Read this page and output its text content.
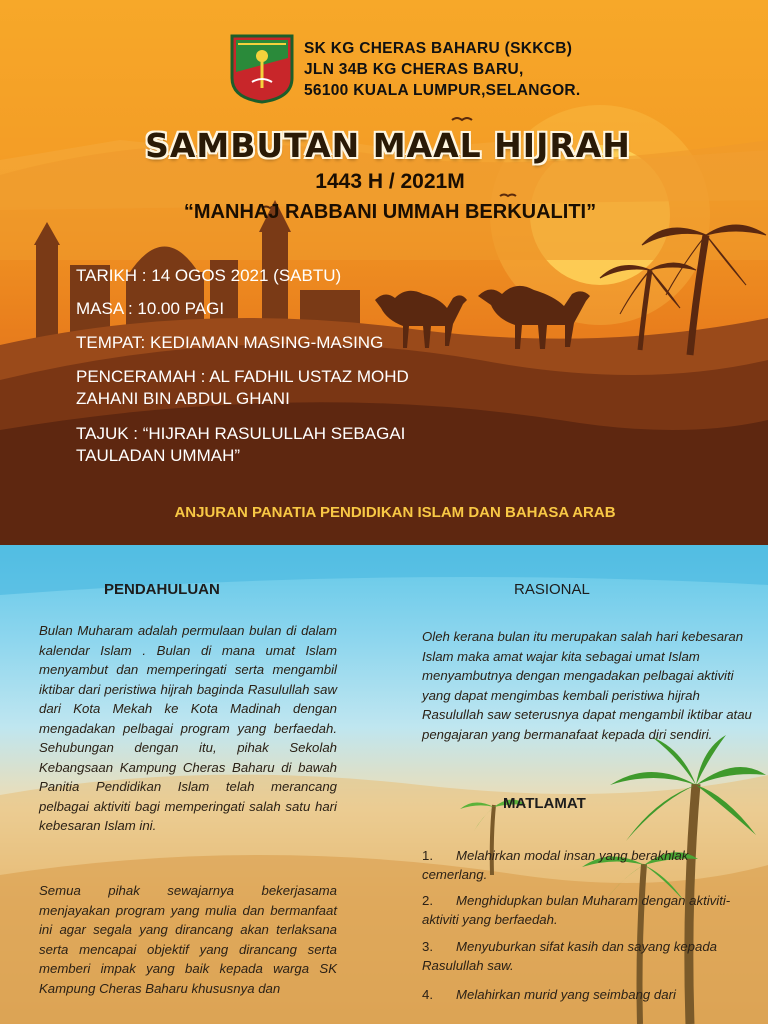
SK KG CHERAS BAHARU (SKKCB)
JLN 34B KG CHERAS BARU,
56100 KUALA LUMPUR,SELANGOR.
SAMBUTAN MAAL HIJRAH
1443 H / 2021M
“MANHAJ RABBANI UMMAH BERKUALITI”
TARIKH : 14 OGOS 2021 (SABTU)
MASA : 10.00 PAGI
TEMPAT: KEDIAMAN MASING-MASING
PENCERAMAH : AL FADHIL USTAZ MOHD
ZAHANI BIN ABDUL GHANI
TAJUK : “HIJRAH RASULULLAH SEBAGAI
TAULADAN UMMAH”
ANJURAN PANATIA PENDIDIKAN ISLAM DAN BAHASA ARAB
PENDAHULUAN
Bulan Muharam adalah permulaan bulan di dalam kalendar Islam . Bulan di mana umat Islam menyambut dan memperingati serta mengambil iktibar dari peristiwa hijrah baginda Rasulullah saw dari Kota Mekah ke Kota Madinah dengan mengadakan pelbagai program yang berfaedah. Sehubungan dengan itu, pihak Sekolah Kebangsaan Kampung Cheras Baharu di bawah Panitia Pendidikan Islam telah merancang pelbagai aktiviti bagi memperingati salah satu hari kebesaran Islam ini.
Semua pihak sewajarnya bekerjasama menjayakan program yang mulia dan bermanfaat ini agar segala yang dirancang akan terlaksana serta mencapai objektif yang dirancang serta memberi impak yang baik kepada warga SK Kampung Cheras Baharu khususnya dan
RASIONAL
Oleh kerana bulan itu merupakan salah hari kebesaran Islam maka amat wajar kita sebagai umat Islam menyambutnya dengan mengadakan pelbagai aktiviti yang dapat mengimbas kembali peristiwa hijrah Rasulullah saw seterusnya dapat mengambil iktibar atau pengajaran yang bermanafaat kepada diri sendiri.
MATLAMAT
1. Melahirkan modal insan yang berakhlak cemerlang.
2. Menghidupkan bulan Muharam dengan aktiviti-aktiviti yang berfaedah.
3. Menyuburkan sifat kasih dan sayang kepada Rasulullah saw.
4. Melahirkan murid yang seimbang dari
